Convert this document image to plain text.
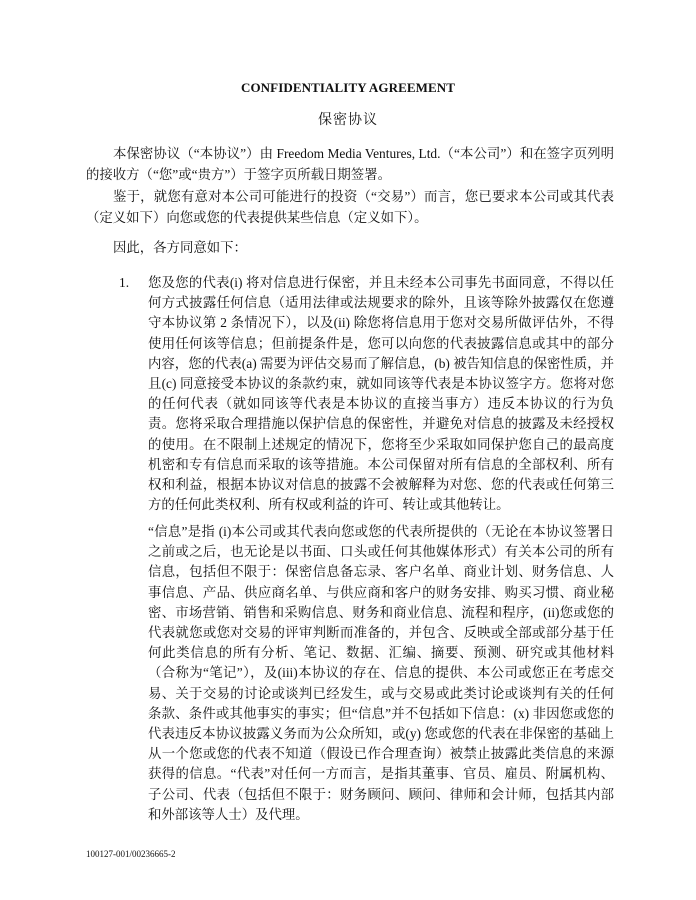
CONFIDENTIALITY AGREEMENT
保密协议
本保密协议（“本协议”）由 Freedom Media Ventures, Ltd.（“本公司”）和在签字页列明的接收方（“您”或“贵方”）于签字页所载日期签署。
鉴于，就您有意对本公司可能进行的投资（“交易”）而言，您已要求本公司或其代表（定义如下）向您或您的代表提供某些信息（定义如下）。
因此，各方同意如下：
1. 您及您的代表(i) 将对信息进行保密，并且未经本公司事先书面同意，不得以任何方式披露任何信息（适用法律或法规要求的除外，且该等除外披露仅在您遵守本协议第 2 条情况下），以及(ii) 除您将信息用于您对交易所做评估外，不得使用任何该等信息；但前提条件是，您可以向您的代表披露信息或其中的部分内容，您的代表(a) 需要为评估交易而了解信息，(b) 被告知信息的保密性质，并且(c) 同意接受本协议的条款约束，就如同该等代表是本协议签字方。您将对您的任何代表（就如同该等代表是本协议的直接当事方）违反本协议的行为负责。您将采取合理措施以保护信息的保密性，并避免对信息的披露及未经授权的使用。在不限制上述规定的情况下，您将至少采取如同保护您自己的最高度机密和专有信息而采取的该等措施。本公司保留对所有信息的全部权利、所有权和利益，根据本协议对信息的披露不会被解释为对您、您的代表或任何第三方的任何此类权利、所有权或利益的许可、转让或其他转让。
“信息”是指 (i)本公司或其代表向您或您的代表所提供的（无论在本协议签署日之前或之后，也无论是以书面、口头或任何其他媒体形式）有关本公司的所有信息，包括但不限于：保密信息备忘录、客户名单、商业计划、财务信息、人事信息、产品、供应商名单、与供应商和客户的财务安排、购买习惯、商业秘密、市场营销、销售和采购信息、财务和商业信息、流程和程序，(ii)您或您的代表就您或您对交易的评审判断而准备的，并包含、反映或全部或部分基于任何此类信息的所有分析、笔记、数据、汇编、摘要、预测、研究或其他材料（合称为“笔记”），及(iii)本协议的存在、信息的提供、本公司或您正在考虑交易、关于交易的讨论或谈判已经发生，或与交易或此类讨论或谈判有关的任何条款、条件或其他事实的事实；但“信息”并不包括如下信息：(x) 非因您或您的代表违反本协议披露义务而为公众所知，或(y) 您或您的代表在非保密的基础上从一个您或您的代表不知道（假设已作合理查询）被禁止披露此类信息的来源获得的信息。“代表”对任何一方而言，是指其董事、官员、雇员、附属机构、子公司、代表（包括但不限于：财务顾问、顾问、律师和会计师，包括其内部和外部该等人士）及代理。
100127-001/00236665-2
